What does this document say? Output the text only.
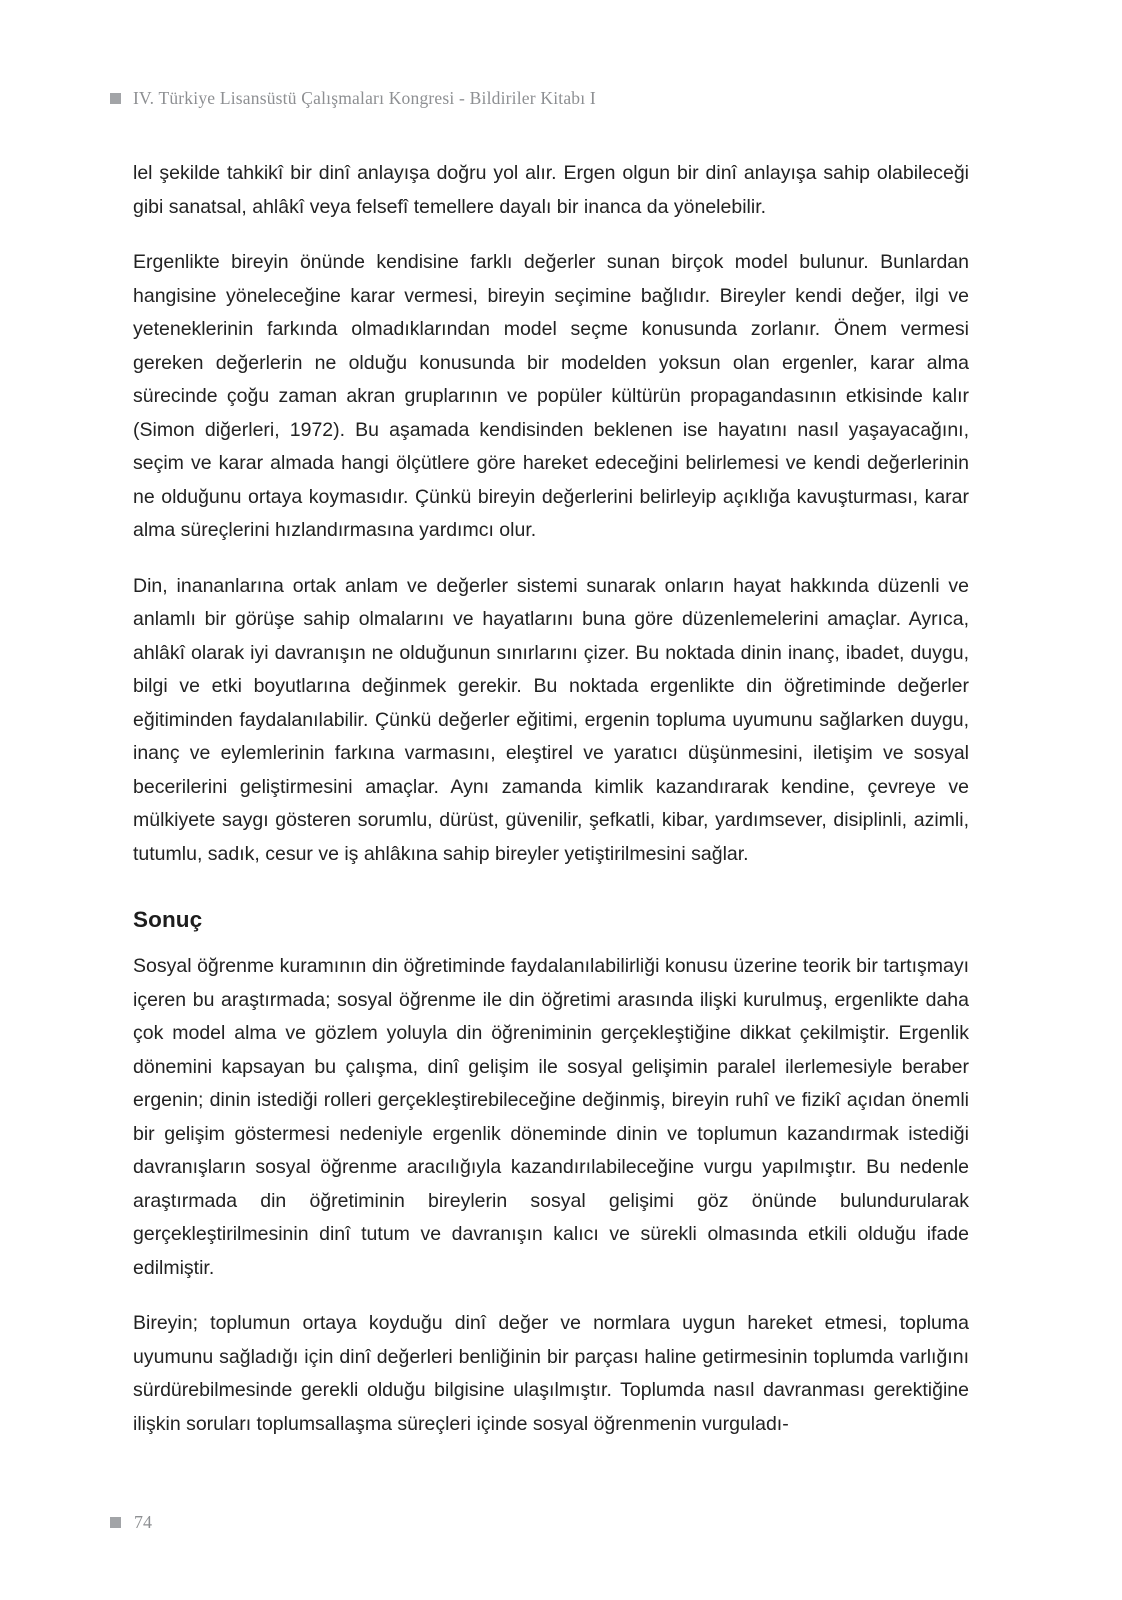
IV. Türkiye Lisansüstü Çalışmaları Kongresi - Bildiriler Kitabı I

lel şekilde tahkikî bir dinî anlayışa doğru yol alır. Ergen olgun bir dinî anlayışa sahip olabileceği gibi sanatsal, ahlâkî veya felsefî temellere dayalı bir inanca da yönelebilir.

Ergenlikte bireyin önünde kendisine farklı değerler sunan birçok model bulunur. Bunlardan hangisine yöneleceğine karar vermesi, bireyin seçimine bağlıdır. Bireyler kendi değer, ilgi ve yeteneklerinin farkında olmadıklarından model seçme konusunda zorlanır. Önem vermesi gereken değerlerin ne olduğu konusunda bir modelden yoksun olan ergenler, karar alma sürecinde çoğu zaman akran gruplarının ve popüler kültürün propagandasının etkisinde kalır (Simon diğerleri, 1972). Bu aşamada kendisinden beklenen ise hayatını nasıl yaşayacağını, seçim ve karar almada hangi ölçütlere göre hareket edeceğini belirlemesi ve kendi değerlerinin ne olduğunu ortaya koymasıdır. Çünkü bireyin değerlerini belirleyip açıklığa kavuşturması, karar alma süreçlerini hızlandırmasına yardımcı olur.

Din, inananlarına ortak anlam ve değerler sistemi sunarak onların hayat hakkında düzenli ve anlamlı bir görüşe sahip olmalarını ve hayatlarını buna göre düzenlemelerini amaçlar. Ayrıca, ahlâkî olarak iyi davranışın ne olduğunun sınırlarını çizer. Bu noktada dinin inanç, ibadet, duygu, bilgi ve etki boyutlarına değinmek gerekir. Bu noktada ergenlikte din öğretiminde değerler eğitiminden faydalanılabilir. Çünkü değerler eğitimi, ergenin topluma uyumunu sağlarken duygu, inanç ve eylemlerinin farkına varmasını, eleştirel ve yaratıcı düşünmesini, iletişim ve sosyal becerilerini geliştirmesini amaçlar. Aynı zamanda kimlik kazandırarak kendine, çevreye ve mülkiyete saygı gösteren sorumlu, dürüst, güvenilir, şefkatli, kibar, yardımsever, disiplinli, azimli, tutumlu, sadık, cesur ve iş ahlâkına sahip bireyler yetiştirilmesini sağlar.

Sonuç

Sosyal öğrenme kuramının din öğretiminde faydalanılabilirliği konusu üzerine teorik bir tartışmayı içeren bu araştırmada; sosyal öğrenme ile din öğretimi arasında ilişki kurulmuş, ergenlikte daha çok model alma ve gözlem yoluyla din öğreniminin gerçekleştiğine dikkat çekilmiştir. Ergenlik dönemini kapsayan bu çalışma, dinî gelişim ile sosyal gelişimin paralel ilerlemesiyle beraber ergenin; dinin istediği rolleri gerçekleştirebileceğine değinmiş, bireyin ruhî ve fizikî açıdan önemli bir gelişim göstermesi nedeniyle ergenlik döneminde dinin ve toplumun kazandırmak istediği davranışların sosyal öğrenme aracılığıyla kazandırılabileceğine vurgu yapılmıştır. Bu nedenle araştırmada din öğretiminin bireylerin sosyal gelişimi göz önünde bulundurularak gerçekleştirilmesinin dinî tutum ve davranışın kalıcı ve sürekli olmasında etkili olduğu ifade edilmiştir.

Bireyin; toplumun ortaya koyduğu dinî değer ve normlara uygun hareket etmesi, topluma uyumunu sağladığı için dinî değerleri benliğinin bir parçası haline getirmesinin toplumda varlığını sürdürebilmesinde gerekli olduğu bilgisine ulaşılmıştır. Toplumda nasıl davranması gerektiğine ilişkin soruları toplumsallaşma süreçleri içinde sosyal öğrenmenin vurguladı-

74
